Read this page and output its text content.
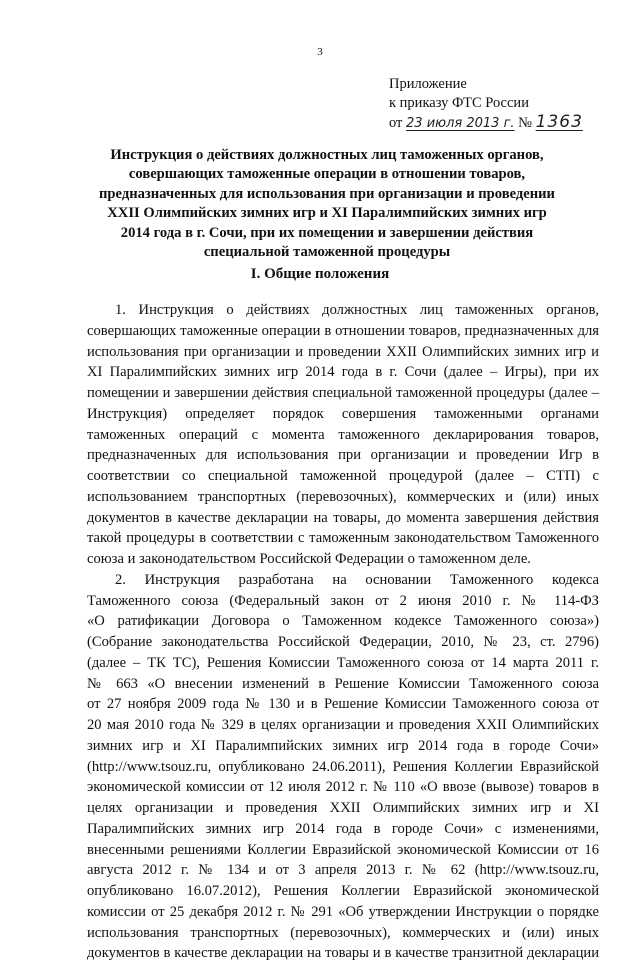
3
Приложение
к приказу ФТС России
от 23 июля 2013 г. № 1363
Инструкция о действиях должностных лиц таможенных органов,
совершающих таможенные операции в отношении товаров,
предназначенных для использования при организации и проведении
XXII Олимпийских зимних игр и XI Паралимпийских зимних игр
2014 года в г. Сочи, при их помещении и завершении действия
специальной таможенной процедуры
I. Общие положения
1. Инструкция о действиях должностных лиц таможенных органов,
совершающих таможенные операции в отношении товаров, предназначенных для
использования при организации и проведении XXII Олимпийских зимних игр и
XI Паралимпийских зимних игр 2014 года в г. Сочи (далее – Игры), при их
помещении и завершении действия специальной таможенной процедуры (далее –
Инструкция) определяет порядок совершения таможенными органами
таможенных операций с момента таможенного декларирования товаров,
предназначенных для использования при организации и проведении Игр в
соответствии со специальной таможенной процедурой (далее – СТП) с
использованием транспортных (перевозочных), коммерческих и (или) иных
документов в качестве декларации на товары, до момента завершения действия
такой процедуры в соответствии с таможенным законодательством Таможенного
союза и законодательством Российской Федерации о таможенном деле.
2. Инструкция разработана на основании Таможенного кодекса
Таможенного союза (Федеральный закон от 2 июня 2010 г. № 114-ФЗ
«О ратификации Договора о Таможенном кодексе Таможенного союза»)
(Собрание законодательства Российской Федерации, 2010, № 23, ст. 2796)
(далее – ТК ТС), Решения Комиссии Таможенного союза от 14 марта 2011 г.
№ 663 «О внесении изменений в Решение Комиссии Таможенного союза
от 27 ноября 2009 года № 130 и в Решение Комиссии Таможенного союза от
20 мая 2010 года № 329 в целях организации и проведения XXII Олимпийских
зимних игр и XI Паралимпийских зимних игр 2014 года в городе Сочи»
(http://www.tsouz.ru, опубликовано 24.06.2011), Решения Коллегии Евразийской
экономической комиссии от 12 июля 2012 г. № 110 «О ввозе (вывозе) товаров в
целях организации и проведения XXII Олимпийских зимних игр и XI
Паралимпийских зимних игр 2014 года в городе Сочи» с изменениями,
внесенными решениями Коллегии Евразийской экономической Комиссии от 16
августа 2012 г. № 134 и от 3 апреля 2013 г. № 62 (http://www.tsouz.ru,
опубликовано 16.07.2012), Решения Коллегии Евразийской экономической
комиссии от 25 декабря 2012 г. № 291 «Об утверждении Инструкции о порядке
использования транспортных (перевозочных), коммерческих и (или) иных
документов в качестве декларации на товары и в качестве транзитной декларации
